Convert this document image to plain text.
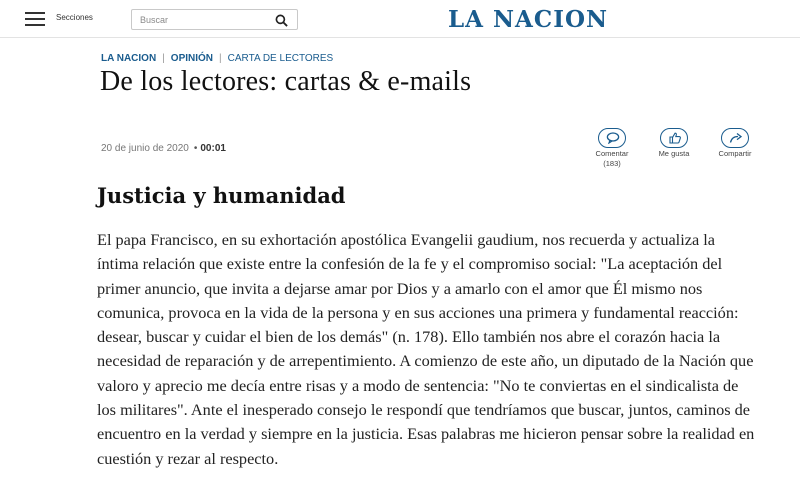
Secciones
Buscar	LA NACION
LA NACION | OPINIÓN | CARTA DE LECTORES
De los lectores: cartas & e-mails
20 de junio de 2020 • 00:01	Comentar
(183)
Me gusta	Compartir
Justicia y humanidad

El papa Francisco, en su exhortación apostólica Evangelii gaudium, nos recuerda y actualiza la íntima relación que existe entre la confesión de la fe y el compromiso social: "La aceptación del primer anuncio, que invita a dejarse amar por Dios y a amarlo con el amor que Él mismo nos comunica, provoca en la vida de la persona y en sus acciones una primera y fundamental reacción: desear, buscar y cuidar el bien de los demás" (n. 178). Ello también nos abre el corazón hacia la necesidad de reparación y de arrepentimiento. A comienzo de este año, un diputado de la Nación que valoro y aprecio me decía entre risas y a modo de sentencia: "No te conviertas en el sindicalista de los militares". Ante el inesperado consejo le respondí que tendríamos que buscar, juntos, caminos de encuentro en la verdad y siempre en la justicia. Esas palabras me hicieron pensar sobre la realidad en cuestión y rezar al respecto.
